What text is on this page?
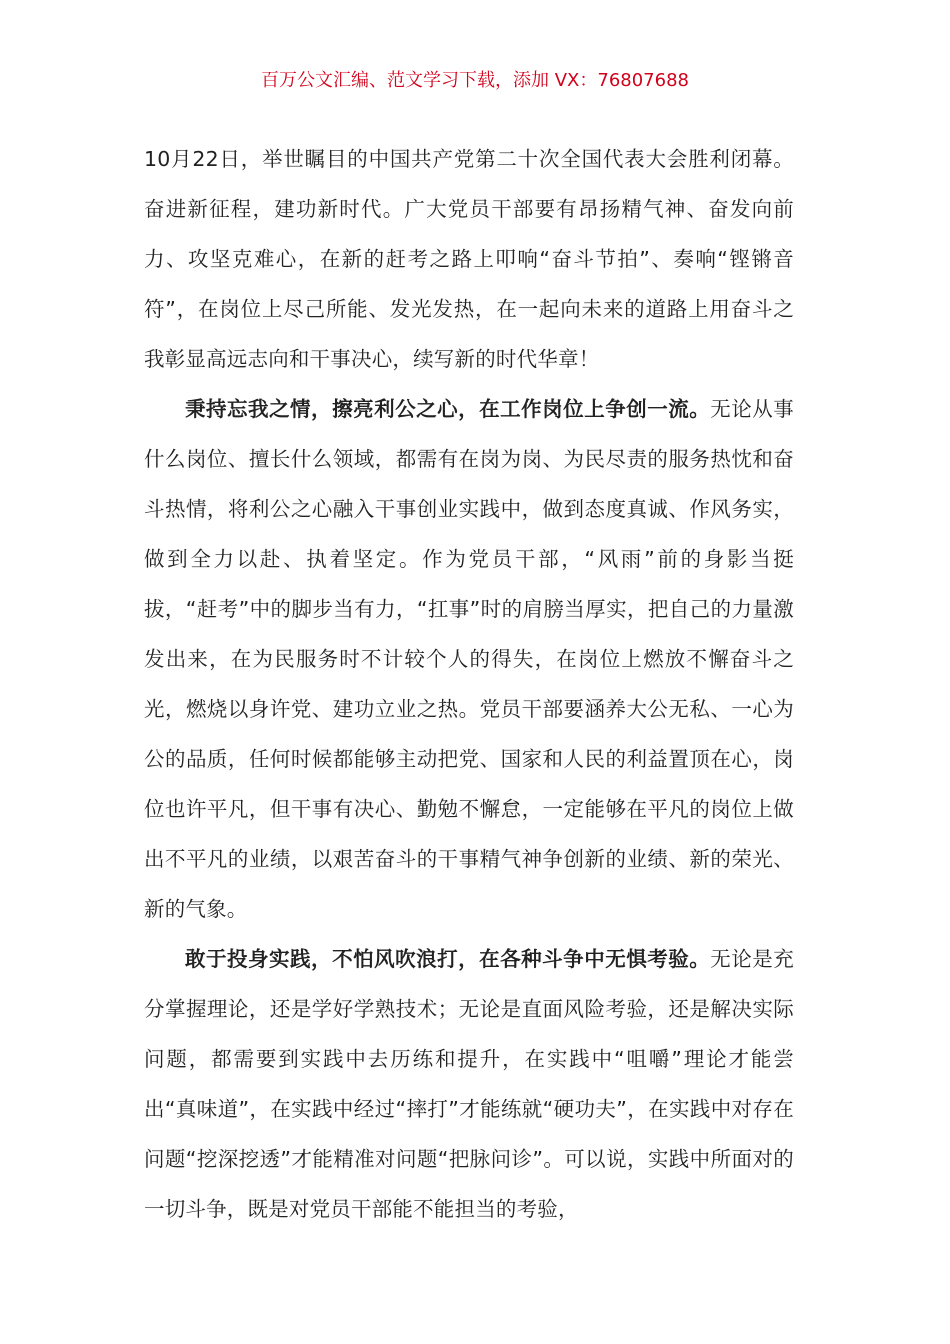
百万公文汇编、范文学习下载，添加 VX：76807688

10月22日，举世瞩目的中国共产党第二十次全国代表大会胜利闭幕。奋进新征程，建功新时代。广大党员干部要有昂扬精气神、奋发向前力、攻坚克难心，在新的赶考之路上叩响“奋斗节拍”、奏响“铿锵音符”，在岗位上尽己所能、发光发热，在一起向未来的道路上用奋斗之我彰显高远志向和干事决心，续写新的时代华章！

秉持忘我之情，擦亮利公之心，在工作岗位上争创一流。无论从事什么岗位、擅长什么领域，都需有在岗为岗、为民尽责的服务热忱和奋斗热情，将利公之心融入干事创业实践中，做到态度真诚、作风务实，做到全力以赴、执着坚定。作为党员干部，“风雨”前的身影当挺拔，“赶考”中的脚步当有力，“扛事”时的肩膀当厚实，把自己的力量激发出来，在为民服务时不计较个人的得失，在岗位上燃放不懈奋斗之光，燃烧以身许党、建功立业之热。党员干部要涵养大公无私、一心为公的品质，任何时候都能够主动把党、国家和人民的利益置顶在心，岗位也许平凡，但干事有决心、勤勉不懈怠，一定能够在平凡的岗位上做出不平凡的业绩，以艰苦奋斗的干事精气神争创新的业绩、新的荣光、新的气象。

敢于投身实践，不怕风吹浪打，在各种斗争中无惧考验。无论是充分掌握理论，还是学好学熟技术；无论是直面风险考验，还是解决实际问题，都需要到实践中去历练和提升，在实践中“咀嚼”理论才能尝出“真味道”，在实践中经过“摔打”才能练就“硬功夫”，在实践中对存在问题“挖深挖透”才能精准对问题“把脉问诊”。可以说，实践中所面对的一切斗争，既是对党员干部能不能担当的考验，
